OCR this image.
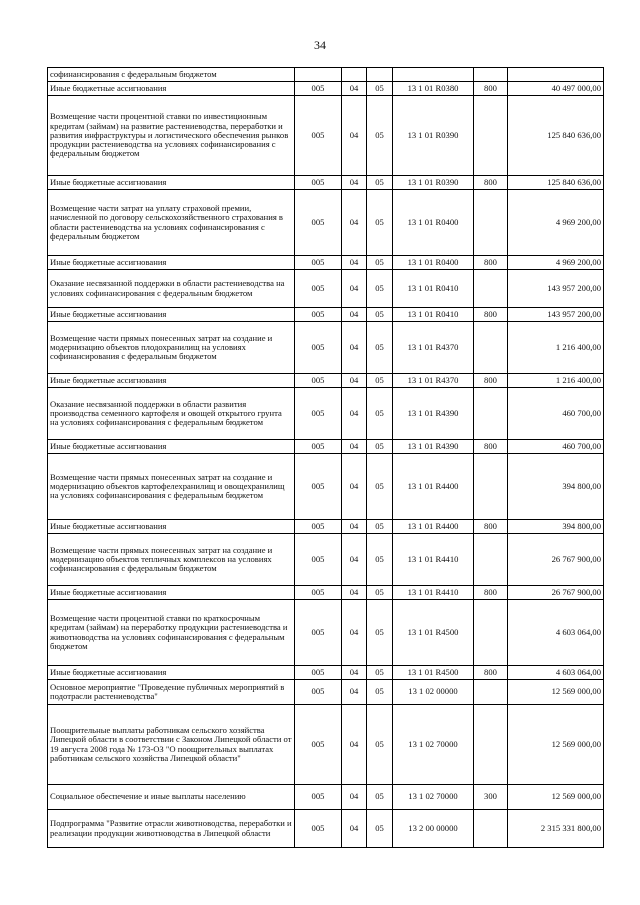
34
софинансирования с федеральным бюджетом						
Иные бюджетные ассигнования	005	04	05	13 1 01 R0380	800	40 497 000,00
Возмещение части процентной ставки по инвестиционным кредитам (займам) на развитие растениеводства, переработки и развития инфраструктуры и логистического обеспечения рынков продукции растениеводства на условиях софинансирования с федеральным бюджетом	005	04	05	13 1 01 R0390		125 840 636,00
Иные бюджетные ассигнования	005	04	05	13 1 01 R0390	800	125 840 636,00
Возмещение части затрат на уплату страховой премии, начисленной по договору сельскохозяйственного страхования в области растениеводства на условиях софинансирования с федеральным бюджетом	005	04	05	13 1 01 R0400		4 969 200,00
Иные бюджетные ассигнования	005	04	05	13 1 01 R0400	800	4 969 200,00
Оказание несвязанной поддержки в области растениеводства на условиях софинансирования с федеральным бюджетом	005	04	05	13 1 01 R0410		143 957 200,00
Иные бюджетные ассигнования	005	04	05	13 1 01 R0410	800	143 957 200,00
Возмещение части прямых понесенных затрат на создание и модернизацию объектов плодохранилищ на условиях софинансирования с федеральным бюджетом	005	04	05	13 1 01 R4370		1 216 400,00
Иные бюджетные ассигнования	005	04	05	13 1 01 R4370	800	1 216 400,00
Оказание несвязанной поддержки в области развития производства семенного картофеля и овощей открытого грунта на условиях софинансирования с федеральным бюджетом	005	04	05	13 1 01 R4390		460 700,00
Иные бюджетные ассигнования	005	04	05	13 1 01 R4390	800	460 700,00
Возмещение части прямых понесенных затрат на создание и модернизацию объектов картофелехранилищ и овощехранилищ на условиях софинансирования с федеральным бюджетом	005	04	05	13 1 01 R4400		394 800,00
Иные бюджетные ассигнования	005	04	05	13 1 01 R4400	800	394 800,00
Возмещение части прямых понесенных затрат на создание и модернизацию объектов тепличных комплексов на условиях софинансирования с федеральным бюджетом	005	04	05	13 1 01 R4410		26 767 900,00
Иные бюджетные ассигнования	005	04	05	13 1 01 R4410	800	26 767 900,00
Возмещение части процентной ставки по краткосрочным кредитам (займам) на переработку продукции растениеводства и животноводства на условиях софинансирования с федеральным бюджетом	005	04	05	13 1 01 R4500		4 603 064,00
Иные бюджетные ассигнования	005	04	05	13 1 01 R4500	800	4 603 064,00
Основное мероприятие "Проведение публичных мероприятий в подотрасли растениеводства"	005	04	05	13 1 02 00000		12 569 000,00
Поощрительные выплаты работникам сельского хозяйства Липецкой области в соответствии с Законом Липецкой области от 19 августа 2008 года № 173-ОЗ "О поощрительных выплатах работникам сельского хозяйства Липецкой области"	005	04	05	13 1 02 70000		12 569 000,00
Социальное обеспечение и иные выплаты населению	005	04	05	13 1 02 70000	300	12 569 000,00
Подпрограмма "Развитие отрасли животноводства, переработки и реализации продукции животноводства в Липецкой области	005	04	05	13 2 00 00000		2 315 331 800,00
